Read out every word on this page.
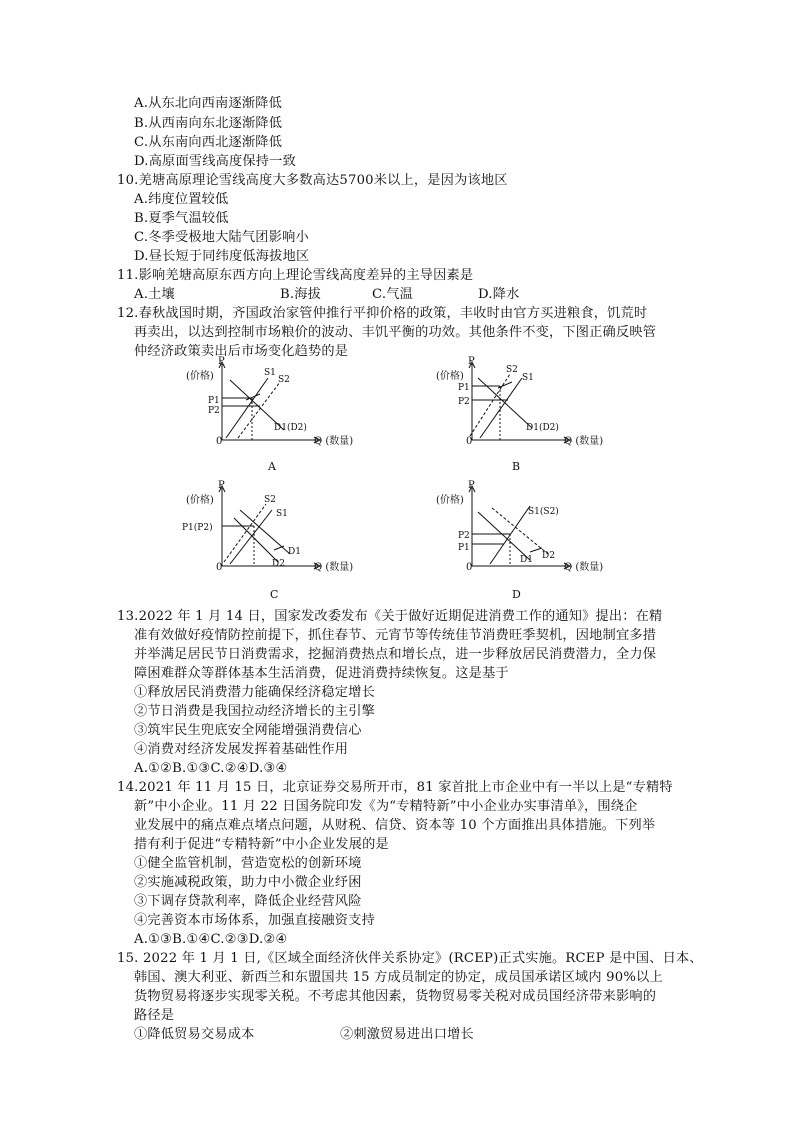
A.从东北向西南逐渐降低
B.从西南向东北逐渐降低
C.从东南向西北逐渐降低
D.高原面雪线高度保持一致
10.羌塘高原理论雪线高度大多数高达5700米以上，是因为该地区
A.纬度位置较低
B.夏季气温较低
C.冬季受极地大陆气团影响小
D.昼长短于同纬度低海拔地区
11.影响羌塘高原东西方向上理论雪线高度差异的主导因素是
A.土壤	B.海拔	C.气温	D.降水
12.春秋战国时期，齐国政治家管仲推行平抑价格的政策，丰收时由官方买进粮食，饥荒时
再卖出，以达到控制市场粮价的波动、丰饥平衡的功效。其他条件不变，下图正确反映管
仲经济政策卖出后市场变化趋势的是
P
(价格)
P1
P2
S1
S2
D1(D2)
0	Q (数量)
A
P
(价格)
P1
P2
S2
S1
D1(D2)
0	Q (数量)
B
P
(价格)
P1(P2)
S2
S1
D1
D2
0	Q (数量)
C
P
(价格)
P2
P1
S1(S2)
D1 D2
0	Q (数量)
D
13.2022 年 1 月 14 日，国家发改委发布《关于做好近期促进消费工作的通知》提出：在精
准有效做好疫情防控前提下，抓住春节、元宵节等传统佳节消费旺季契机，因地制宜多措
并举满足居民节日消费需求，挖掘消费热点和增长点，进一步释放居民消费潜力，全力保
障困难群众等群体基本生活消费，促进消费持续恢复。这是基于
①释放居民消费潜力能确保经济稳定增长
②节日消费是我国拉动经济增长的主引擎
③筑牢民生兜底安全网能增强消费信心
④消费对经济发展发挥着基础性作用
A.①②B.①③C.②④D.③④
14.2021 年 11 月 15 日，北京证券交易所开市，81 家首批上市企业中有一半以上是“专精特
新”中小企业。11 月 22 日国务院印发《为“专精特新”中小企业办实事清单》，围绕企
业发展中的痛点难点堵点问题，从财税、信贷、资本等 10 个方面推出具体措施。下列举
措有利于促进“专精特新”中小企业发展的是
①健全监管机制，营造宽松的创新环境
②实施减税政策，助力中小微企业纾困
③下调存贷款利率，降低企业经营风险
④完善资本市场体系，加强直接融资支持
A.①③B.①④C.②③D.②④
15. 2022 年 1 月 1 日,《区域全面经济伙伴关系协定》(RCEP)正式实施。RCEP 是中国、日本、
韩国、澳大利亚、新西兰和东盟国共 15 方成员制定的协定，成员国承诺区域内 90%以上
货物贸易将逐步实现零关税。不考虑其他因素，货物贸易零关税对成员国经济带来影响的
路径是
①降低贸易交易成本	②刺激贸易进出口增长
